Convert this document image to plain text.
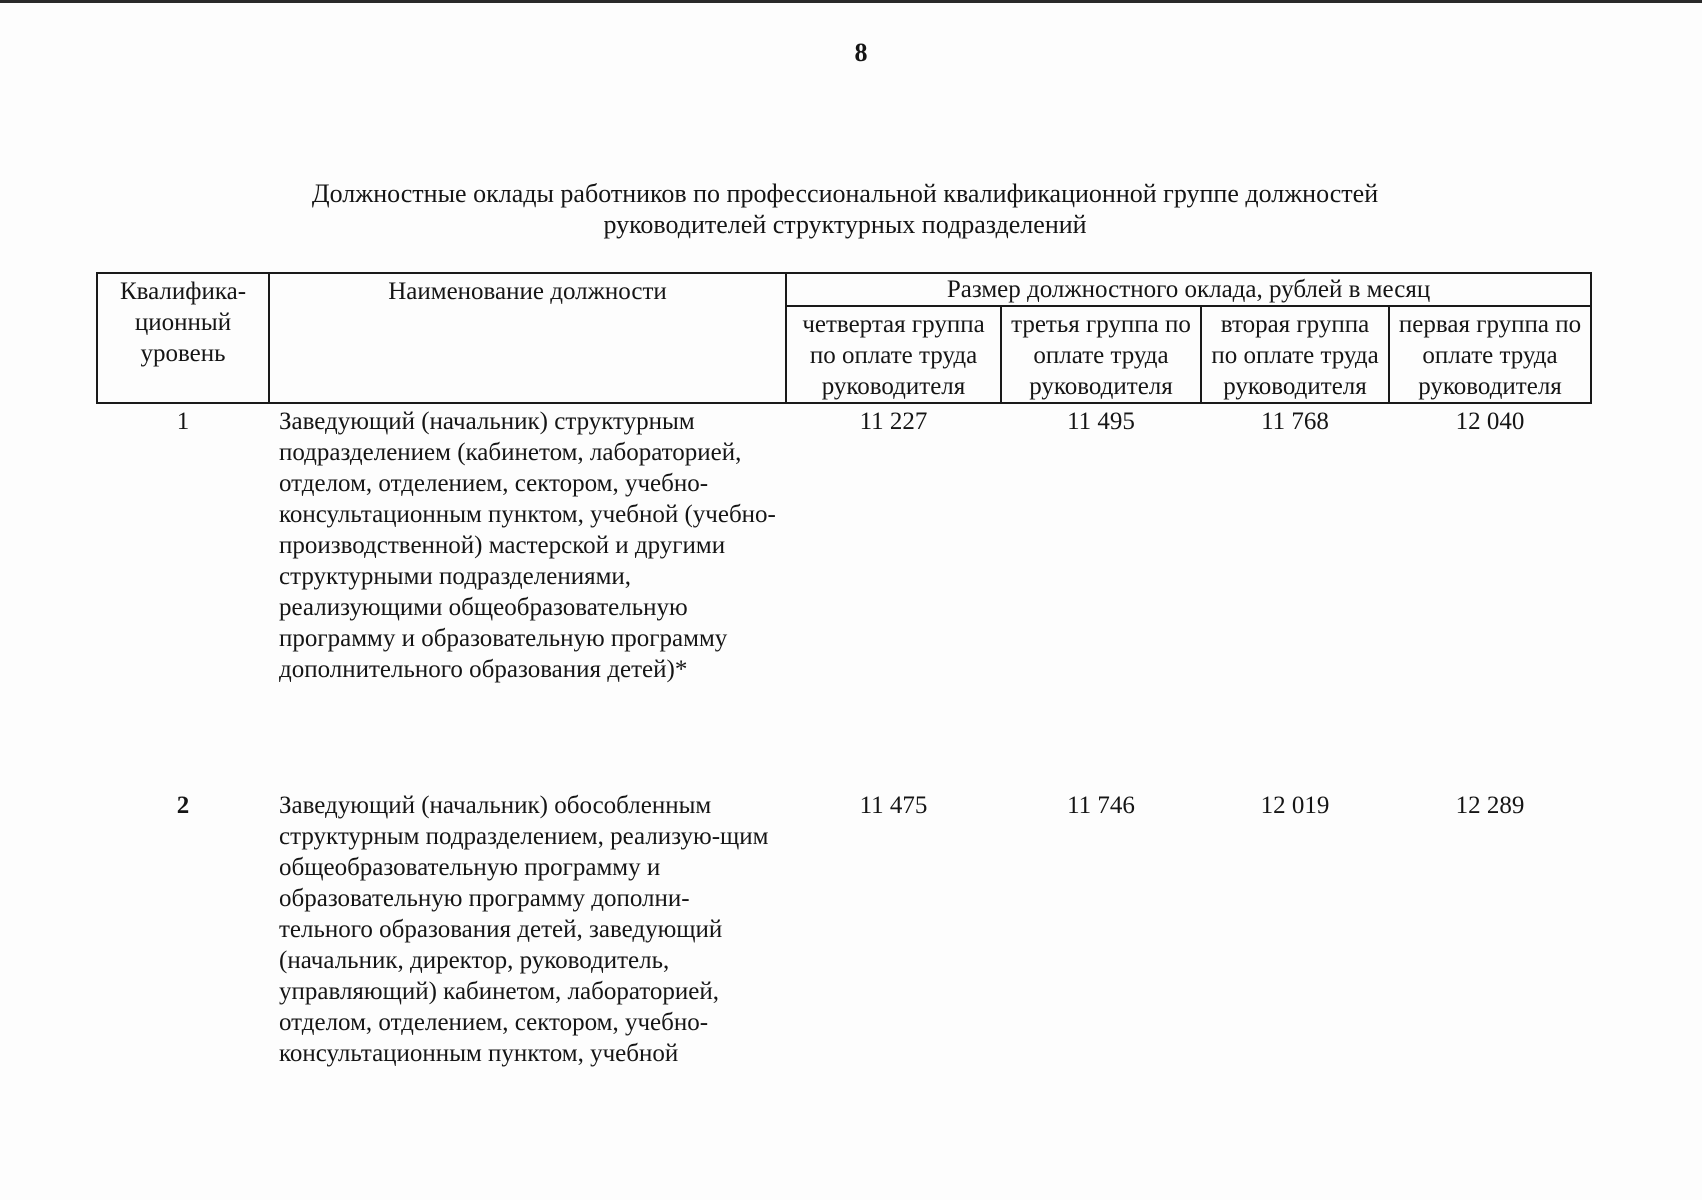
8
Должностные оклады работников по профессиональной квалификационной группе должностей
руководителей структурных подразделений
Квалифика-ционный уровень	Наименование должности	Размер должностного оклада, рублей в месяц			
		четвертая группа по оплате труда руководителя	третья группа по оплате труда руководителя	вторая группа по оплате труда руководителя	первая группа по оплате труда руководителя
1	Заведующий (начальник) структурным подразделением (кабинетом, лабораторией, отделом, отделением, сектором, учебно-консультационным пунктом, учебной (учебно-производственной) мастерской и другими структурными подразделениями, реализующими общеобразовательную программу и образовательную программу дополнительного образования детей)*	11 227	11 495	11 768	12 040
2	Заведующий (начальник) обособленным структурным подразделением, реализую-щим общеобразовательную программу и образовательную программу дополни-тельного образования детей, заведующий (начальник, директор, руководитель, управляющий) кабинетом, лабораторией, отделом, отделением, сектором, учебно-консультационным пунктом, учебной	11 475	11 746	12 019	12 289
